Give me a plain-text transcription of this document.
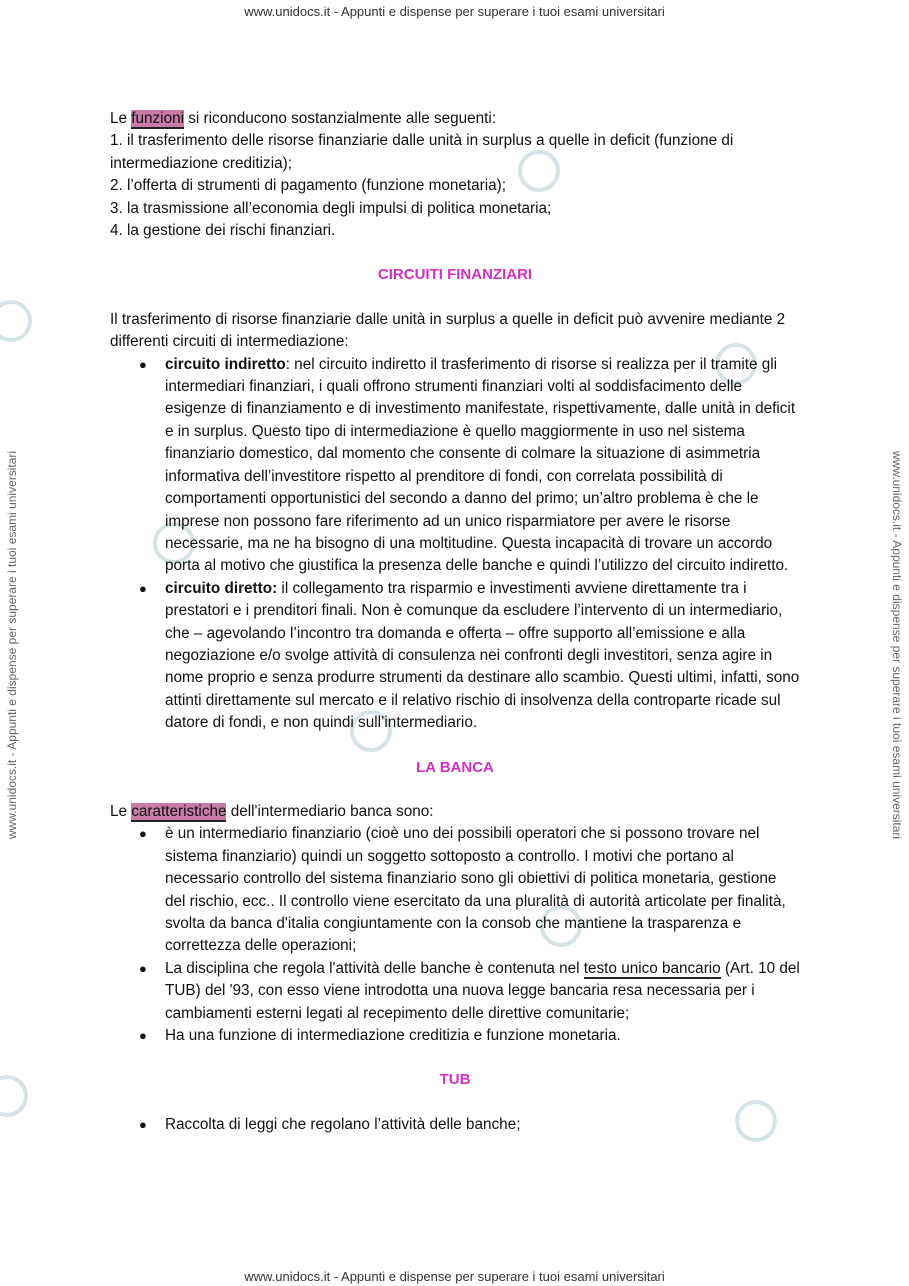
www.unidocs.it - Appunti e dispense per superare i tuoi esami universitari
www.unidocs.it - Appunti e dispense per superare i tuoi esami universitari
www.unidocs.it - Appunti e dispense per superare i tuoi esami universitari	www.unidocs.it - Appunti e dispense per superare i tuoi esami universitari

Le funzioni si riconducono sostanzialmente alle seguenti:

1. il trasferimento delle risorse finanziarie dalle unità in surplus a quelle in deficit (funzione di intermediazione creditizia);

2. l’offerta di strumenti di pagamento (funzione monetaria);

3. la trasmissione all’economia degli impulsi di politica monetaria;

4. la gestione dei rischi finanziari.

CIRCUITI FINANZIARI

Il trasferimento di risorse finanziarie dalle unità in surplus a quelle in deficit può avvenire mediante 2 differenti circuiti di intermediazione:

● circuito indiretto: nel circuito indiretto il trasferimento di risorse si realizza per il tramite gli intermediari finanziari, i quali offrono strumenti finanziari volti al soddisfacimento delle esigenze di finanziamento e di investimento manifestate, rispettivamente, dalle unità in deficit e in surplus. Questo tipo di intermediazione è quello maggiormente in uso nel sistema finanziario domestico, dal momento che consente di colmare la situazione di asimmetria informativa dell’investitore rispetto al prenditore di fondi, con correlata possibilità di comportamenti opportunistici del secondo a danno del primo; un’altro problema è che le imprese non possono fare riferimento ad un unico risparmiatore per avere le risorse necessarie, ma ne ha bisogno di una moltitudine. Questa incapacità di trovare un accordo porta al motivo che giustifica la presenza delle banche e quindi l’utilizzo del circuito indiretto.
● circuito diretto: il collegamento tra risparmio e investimenti avviene direttamente tra i prestatori e i prenditori finali. Non è comunque da escludere l’intervento di un intermediario, che – agevolando l’incontro tra domanda e offerta – offre supporto all’emissione e alla negoziazione e/o svolge attività di consulenza nei confronti degli investitori, senza agire in nome proprio e senza produrre strumenti da destinare allo scambio. Questi ultimi, infatti, sono attinti direttamente sul mercato e il relativo rischio di insolvenza della controparte ricade sul datore di fondi, e non quindi sull’intermediario.

LA BANCA

Le caratteristiche dell'intermediario banca sono:

● è un intermediario finanziario (cioè uno dei possibili operatori che si possono trovare nel sistema finanziario) quindi un soggetto sottoposto a controllo. I motivi che portano al necessario controllo del sistema finanziario sono gli obiettivi di politica monetaria, gestione del rischio, ecc.. Il controllo viene esercitato da una pluralità di autorità articolate per finalità, svolta da banca d'italia congiuntamente con la consob che mantiene la trasparenza e correttezza delle operazioni;
● La disciplina che regola l'attività delle banche è contenuta nel testo unico bancario (Art. 10 del TUB) del '93, con esso viene introdotta una nuova legge bancaria resa necessaria per i cambiamenti esterni legati al recepimento delle direttive comunitarie;
● Ha una funzione di intermediazione creditizia e funzione monetaria.

TUB

● Raccolta di leggi che regolano l’attività delle banche;
